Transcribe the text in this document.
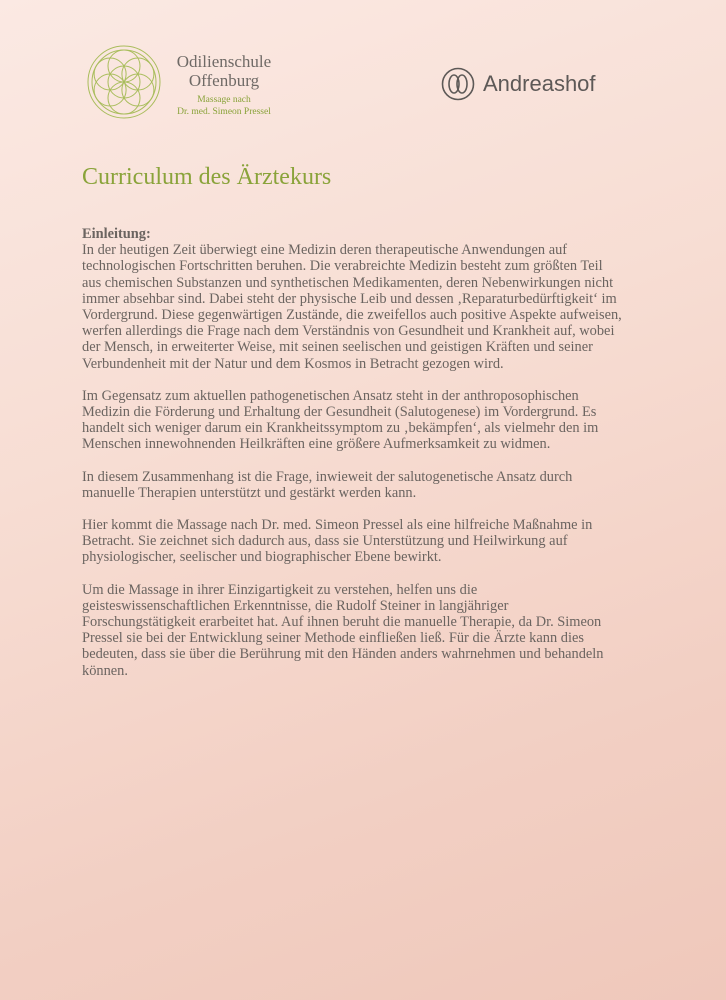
Odilienschule
Offenburg
Massage nach
Dr. med. Simeon Pressel
Andreashof
Curriculum des Ärztekurs
Einleitung:

In der heutigen Zeit überwiegt eine Medizin deren therapeutische Anwendungen auf technologischen Fortschritten beruhen. Die verabreichte Medizin besteht zum größten Teil aus chemischen Substanzen und synthetischen Medikamenten, deren Nebenwirkungen nicht immer absehbar sind. Dabei steht der physische Leib und dessen ‚Reparaturbedürftigkeit‘ im Vordergrund. Diese gegenwärtigen Zustände, die zweifellos auch positive Aspekte aufweisen, werfen allerdings die Frage nach dem Verständnis von Gesundheit und Krankheit auf, wobei der Mensch, in erweiterter Weise, mit seinen seelischen und geistigen Kräften und seiner Verbundenheit mit der Natur und dem Kosmos in Betracht gezogen wird.

Im Gegensatz zum aktuellen pathogenetischen Ansatz steht in der anthroposophischen Medizin die Förderung und Erhaltung der Gesundheit (Salutogenese) im Vordergrund. Es handelt sich weniger darum ein Krankheitssymptom zu ‚bekämpfen‘, als vielmehr den im Menschen innewohnenden Heilkräften eine größere Aufmerksamkeit zu widmen.

In diesem Zusammenhang ist die Frage, inwieweit der salutogenetische Ansatz durch manuelle Therapien unterstützt und gestärkt werden kann.

Hier kommt die Massage nach Dr. med. Simeon Pressel als eine hilfreiche Maßnahme in Betracht. Sie zeichnet sich dadurch aus, dass sie Unterstützung und Heilwirkung auf physiologischer, seelischer und biographischer Ebene bewirkt.

Um die Massage in ihrer Einzigartigkeit zu verstehen, helfen uns die geisteswissenschaftlichen Erkenntnisse, die Rudolf Steiner in langjähriger Forschungstätigkeit erarbeitet hat. Auf ihnen beruht die manuelle Therapie, da Dr. Simeon Pressel sie bei der Entwicklung seiner Methode einfließen ließ. Für die Ärzte kann dies bedeuten, dass sie über die Berührung mit den Händen anders wahrnehmen und behandeln können.
